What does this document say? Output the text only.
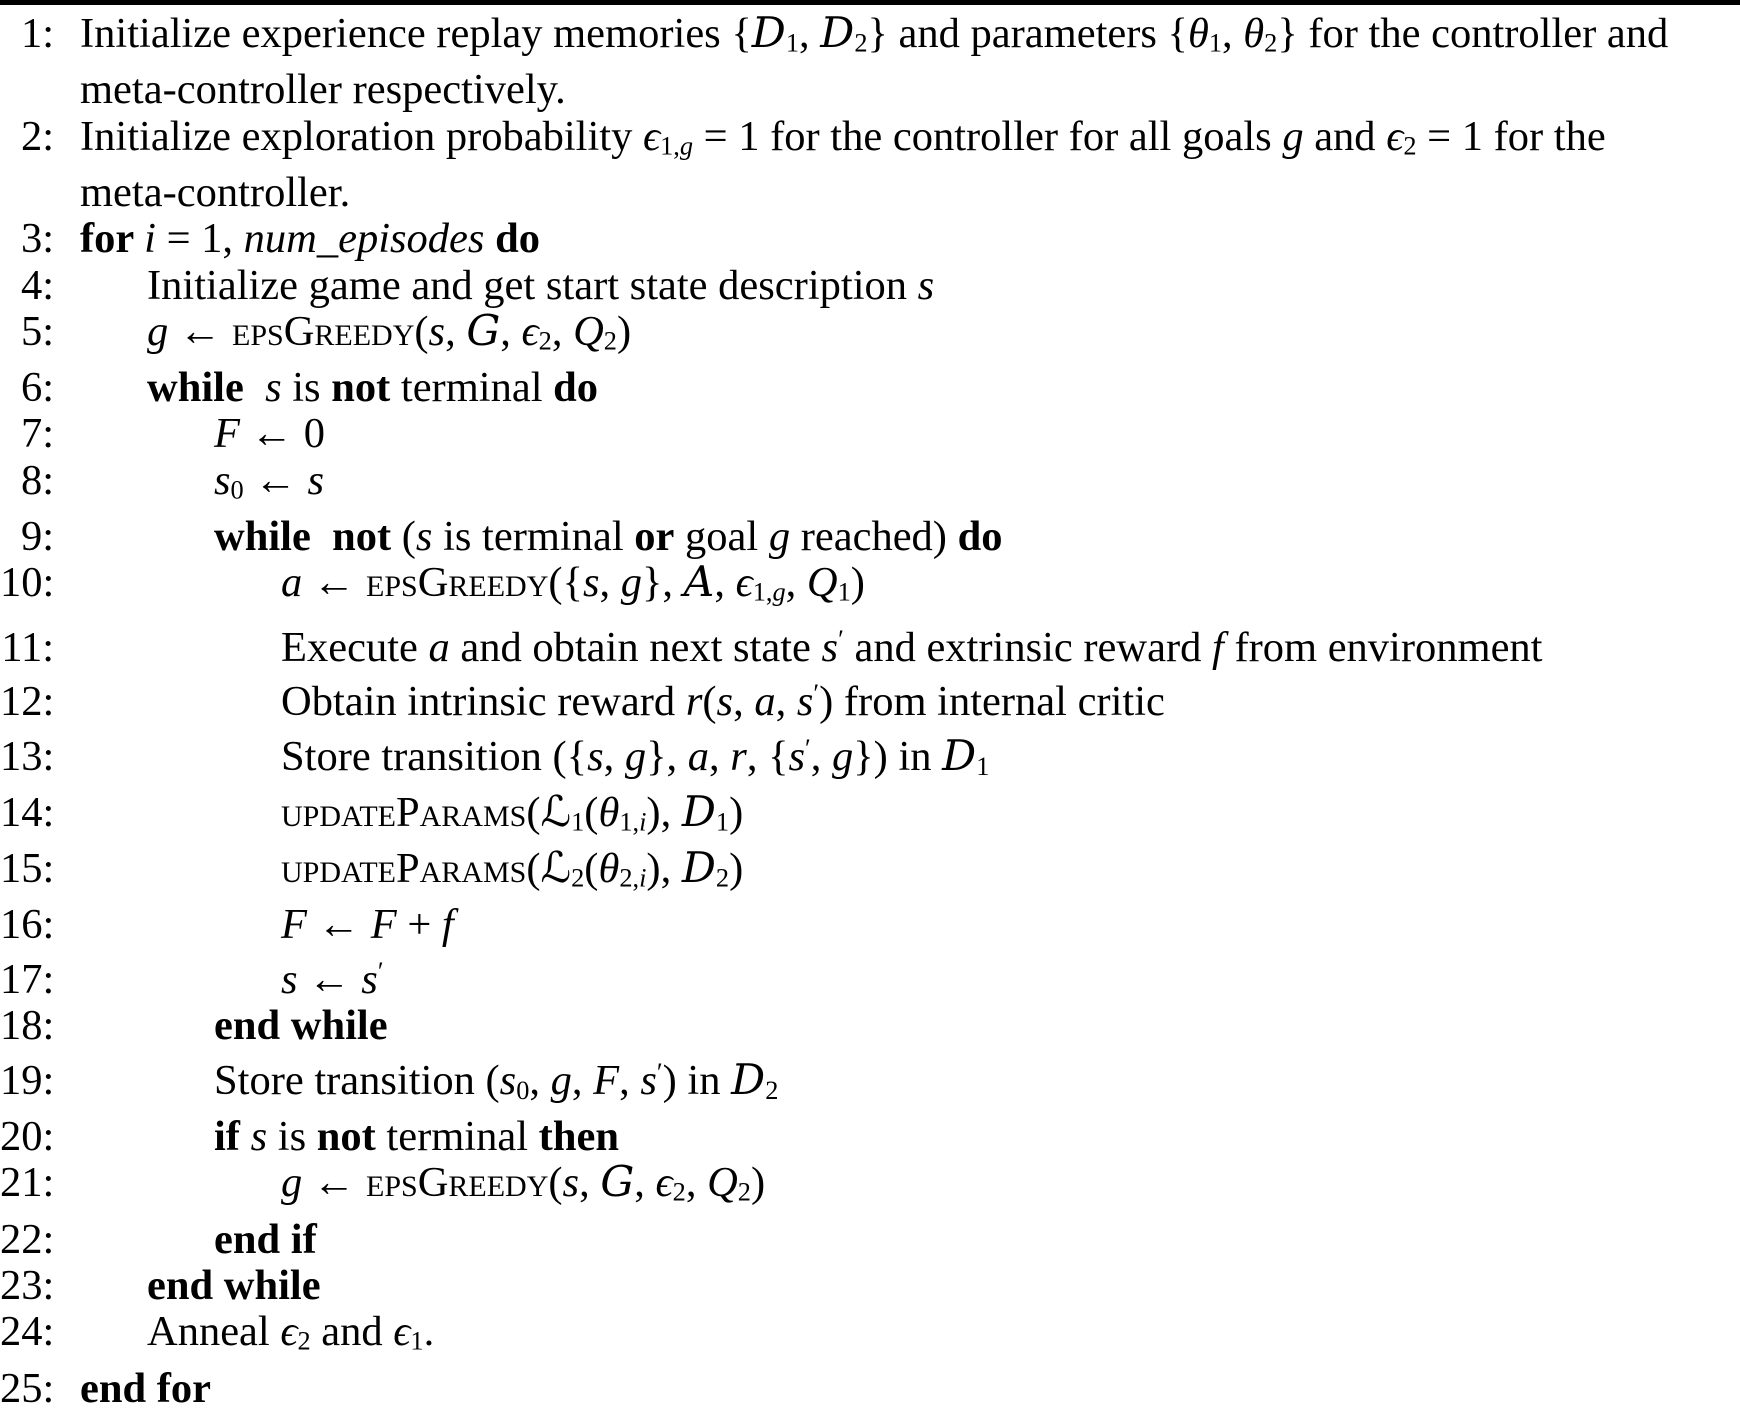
1: Initialize experience replay memories {D1, D2} and parameters {θ1, θ2} for the controller and
meta-controller respectively.
2: Initialize exploration probability ϵ1,g = 1 for the controller for all goals g and ϵ2 = 1 for the
meta-controller.
3: for i = 1, num_episodes do
4: Initialize game and get start state description s
5: g ← epsGreedy(s, G, ϵ2, Q2)
6: while s is not terminal do
7:	F ← 0
8:	s0 ← s
9:	while not (s is terminal or goal g reached) do
10:	a ← epsGreedy({s, g}, A, ϵ1,g, Q1)
11:	Execute a and obtain next state s′ and extrinsic reward f from environment
12:	Obtain intrinsic reward r(s, a, s′) from internal critic
13:	Store transition ({s, g}, a, r, {s′, g}) in D1
14:	updateParams(ℒ1(θ1,i), D1)
15:	updateParams(ℒ2(θ2,i), D2)
16:	F ← F + f
17:	s ← s′
18:	end while
19:	Store transition (s0, g, F, s′) in D2
20:	if s is not terminal then
21:	g ← epsGreedy(s, G, ϵ2, Q2)
22:	end if
23: end while
24: Anneal ϵ2 and ϵ1.
25: end for
